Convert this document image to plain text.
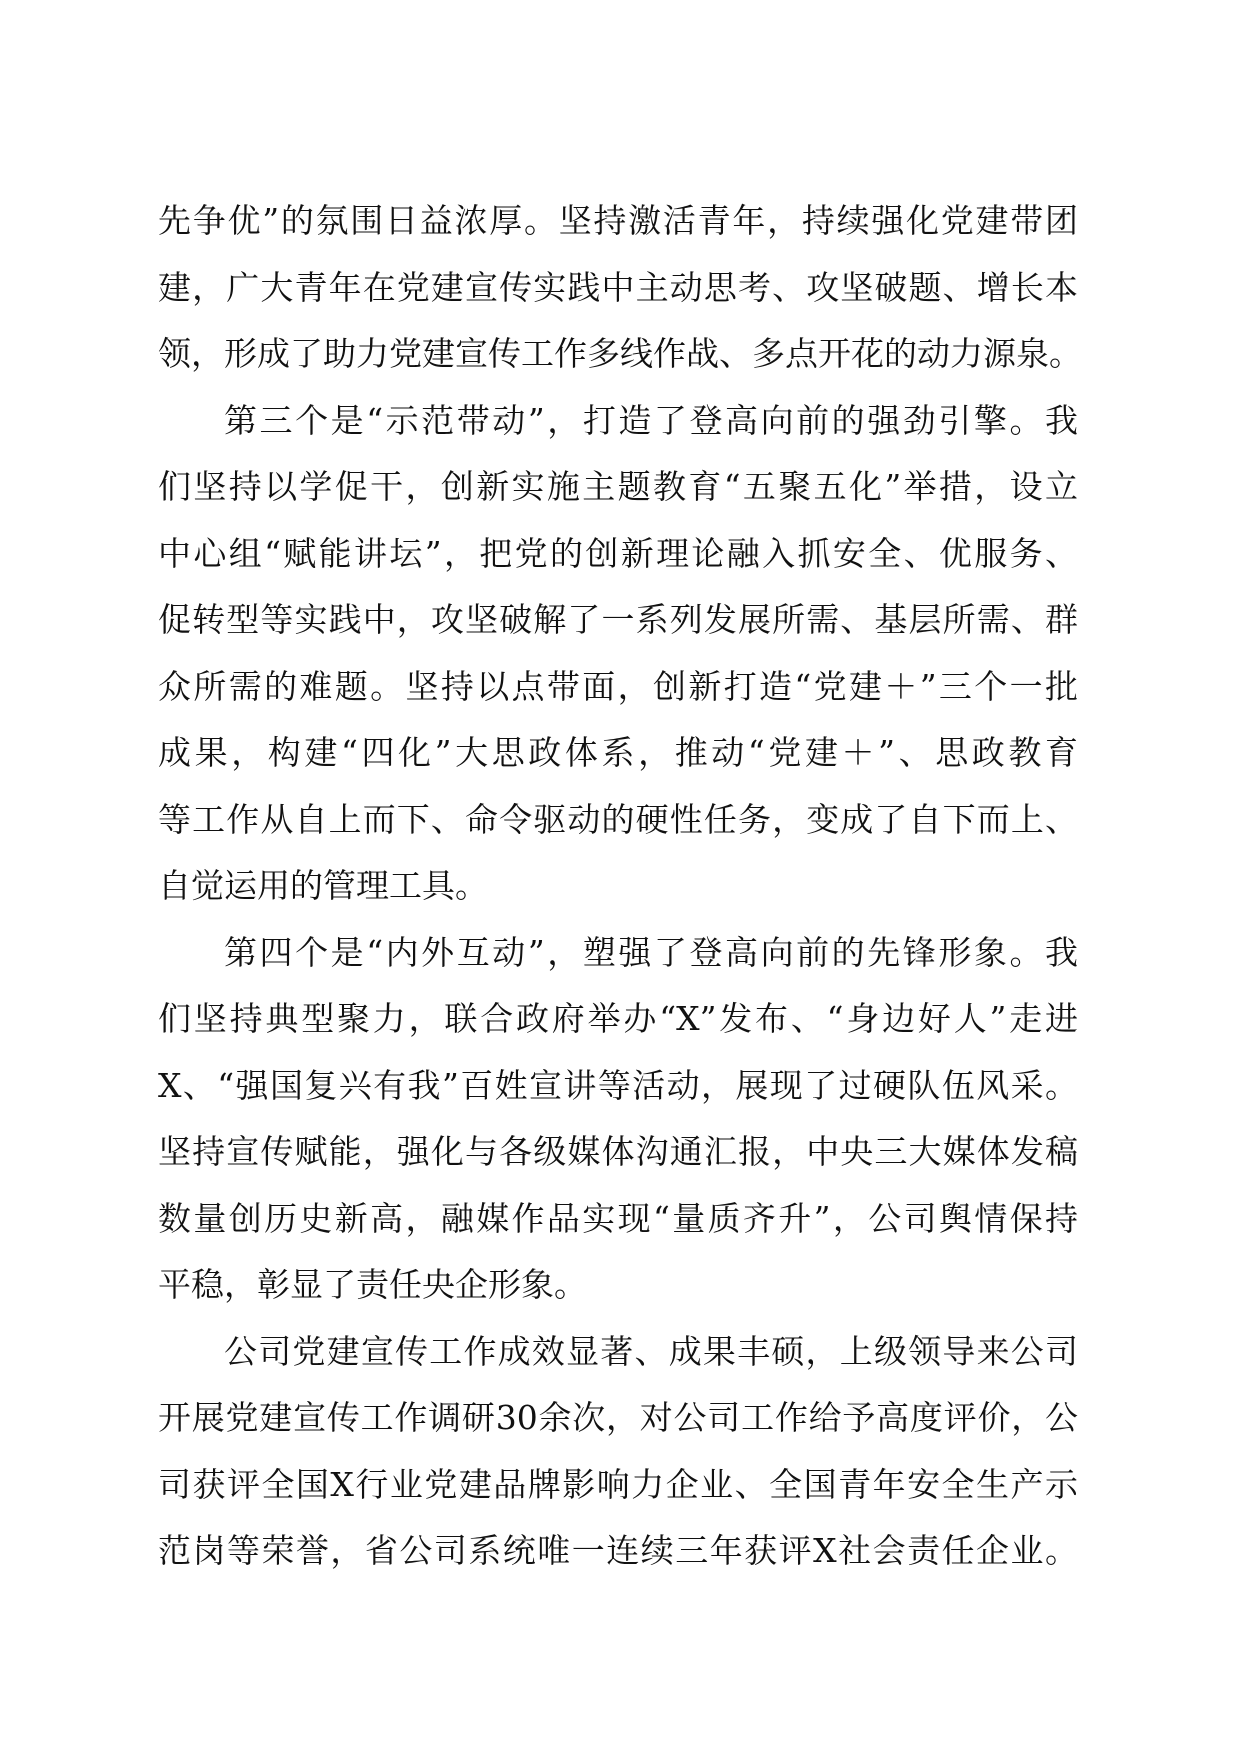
先争优”的氛围日益浓厚。坚持激活青年，持续强化党建带团
建，广大青年在党建宣传实践中主动思考、攻坚破题、增长本
领，形成了助力党建宣传工作多线作战、多点开花的动力源泉。
第三个是“示范带动”，打造了登高向前的强劲引擎。我
们坚持以学促干，创新实施主题教育“五聚五化”举措，设立
中心组“赋能讲坛”，把党的创新理论融入抓安全、优服务、
促转型等实践中，攻坚破解了一系列发展所需、基层所需、群
众所需的难题。坚持以点带面，创新打造“党建＋”三个一批
成果，构建“四化”大思政体系，推动“党建＋”、思政教育
等工作从自上而下、命令驱动的硬性任务，变成了自下而上、
自觉运用的管理工具。
第四个是“内外互动”，塑强了登高向前的先锋形象。我
们坚持典型聚力，联合政府举办“X”发布、“身边好人”走进
X、“强国复兴有我”百姓宣讲等活动，展现了过硬队伍风采。
坚持宣传赋能，强化与各级媒体沟通汇报，中央三大媒体发稿
数量创历史新高，融媒作品实现“量质齐升”，公司舆情保持
平稳，彰显了责任央企形象。
公司党建宣传工作成效显著、成果丰硕，上级领导来公司
开展党建宣传工作调研30余次，对公司工作给予高度评价，公
司获评全国X行业党建品牌影响力企业、全国青年安全生产示
范岗等荣誉，省公司系统唯一连续三年获评X社会责任企业。
